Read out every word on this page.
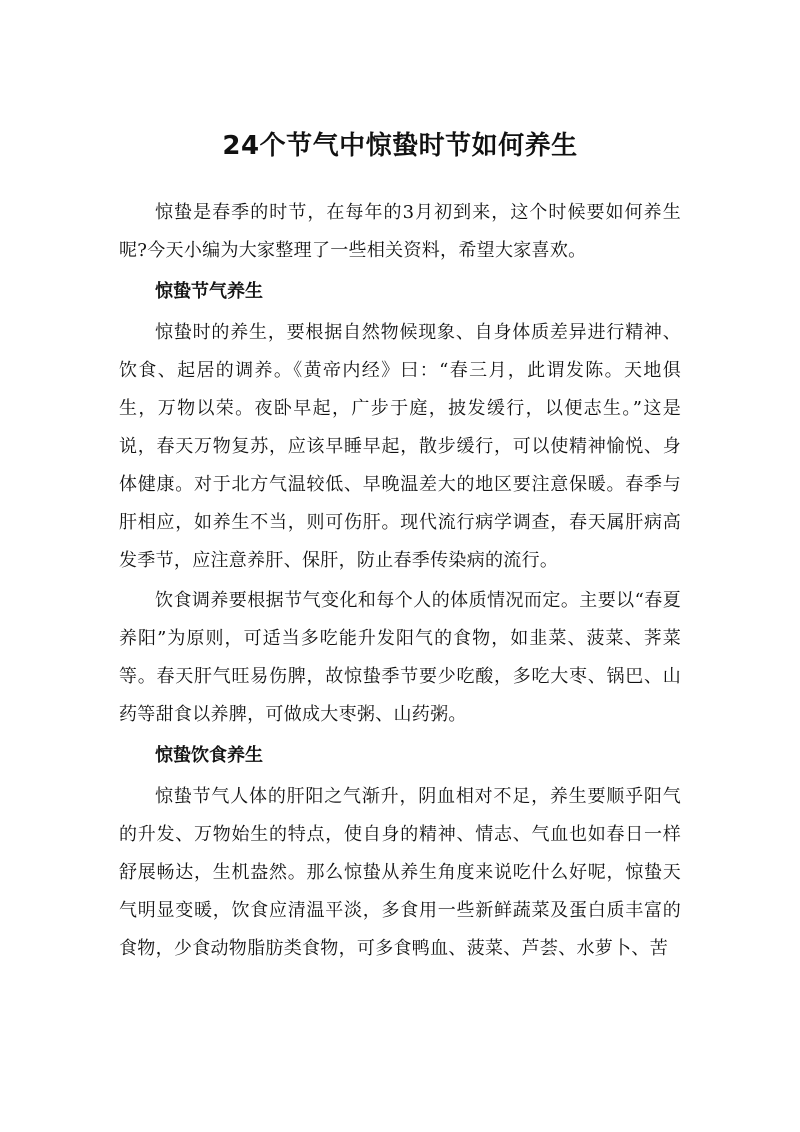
24个节气中惊蛰时节如何养生

惊蛰是春季的时节，在每年的3月初到来，这个时候要如何养生呢?今天小编为大家整理了一些相关资料，希望大家喜欢。

惊蛰节气养生

惊蛰时的养生，要根据自然物候现象、自身体质差异进行精神、饮食、起居的调养。《黄帝内经》曰：“春三月，此谓发陈。天地俱生，万物以荣。夜卧早起，广步于庭，披发缓行，以便志生。”这是说，春天万物复苏，应该早睡早起，散步缓行，可以使精神愉悦、身体健康。对于北方气温较低、早晚温差大的地区要注意保暖。春季与肝相应，如养生不当，则可伤肝。现代流行病学调查，春天属肝病高发季节，应注意养肝、保肝，防止春季传染病的流行。

饮食调养要根据节气变化和每个人的体质情况而定。主要以“春夏养阳”为原则，可适当多吃能升发阳气的食物，如韭菜、菠菜、荠菜等。春天肝气旺易伤脾，故惊蛰季节要少吃酸，多吃大枣、锅巴、山药等甜食以养脾，可做成大枣粥、山药粥。

惊蛰饮食养生

惊蛰节气人体的肝阳之气渐升，阴血相对不足，养生要顺乎阳气的升发、万物始生的特点，使自身的精神、情志、气血也如春日一样舒展畅达，生机盎然。那么惊蛰从养生角度来说吃什么好呢，惊蛰天气明显变暖，饮食应清温平淡，多食用一些新鲜蔬菜及蛋白质丰富的食物，少食动物脂肪类食物，可多食鸭血、菠菜、芦荟、水萝卜、苦
